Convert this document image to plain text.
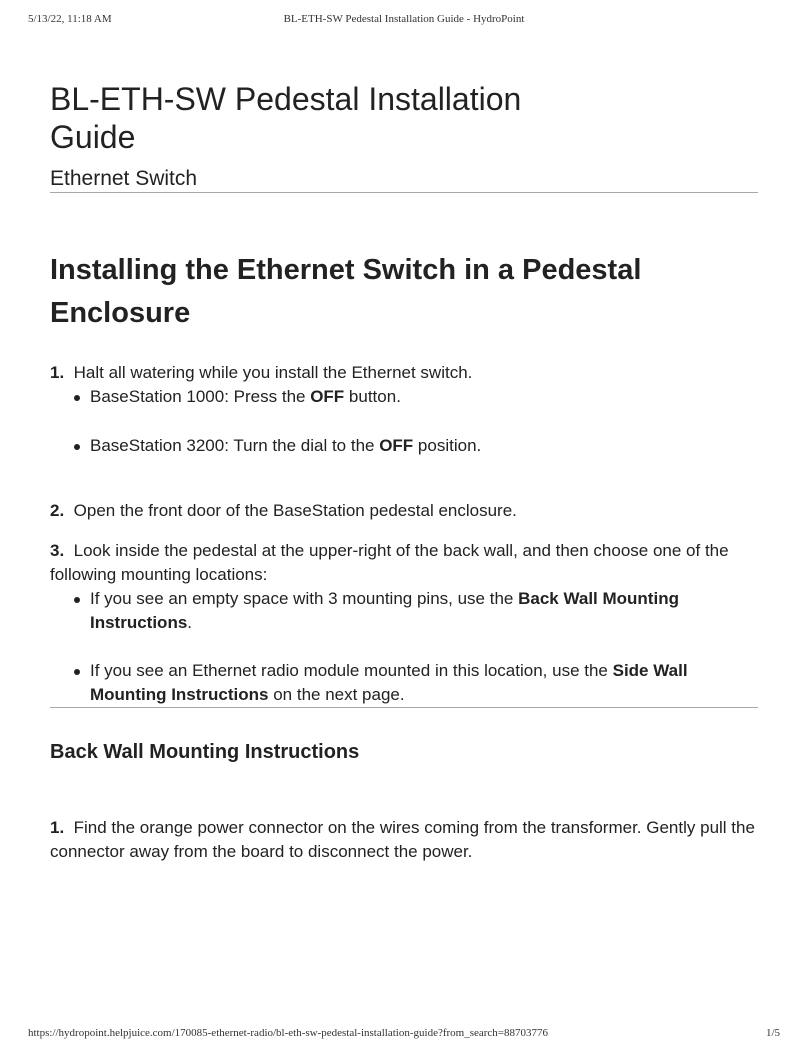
5/13/22, 11:18 AM	BL-ETH-SW Pedestal Installation Guide - HydroPoint
BL-ETH-SW Pedestal Installation Guide
Ethernet Switch
Installing the Ethernet Switch in a Pedestal Enclosure

1. Halt all watering while you install the Ethernet switch.

BaseStation 1000: Press the OFF button.
BaseStation 3200: Turn the dial to the OFF position.

2. Open the front door of the BaseStation pedestal enclosure.

3. Look inside the pedestal at the upper-right of the back wall, and then choose one of the following mounting locations:

If you see an empty space with 3 mounting pins, use the Back Wall Mounting Instructions.
If you see an Ethernet radio module mounted in this location, use the Side Wall Mounting Instructions on the next page.
Back Wall Mounting Instructions

1. Find the orange power connector on the wires coming from the transformer. Gently pull the connector away from the board to disconnect the power.

https://hydropoint.helpjuice.com/170085-ethernet-radio/bl-eth-sw-pedestal-installation-guide?from_search=88703776	1/5
